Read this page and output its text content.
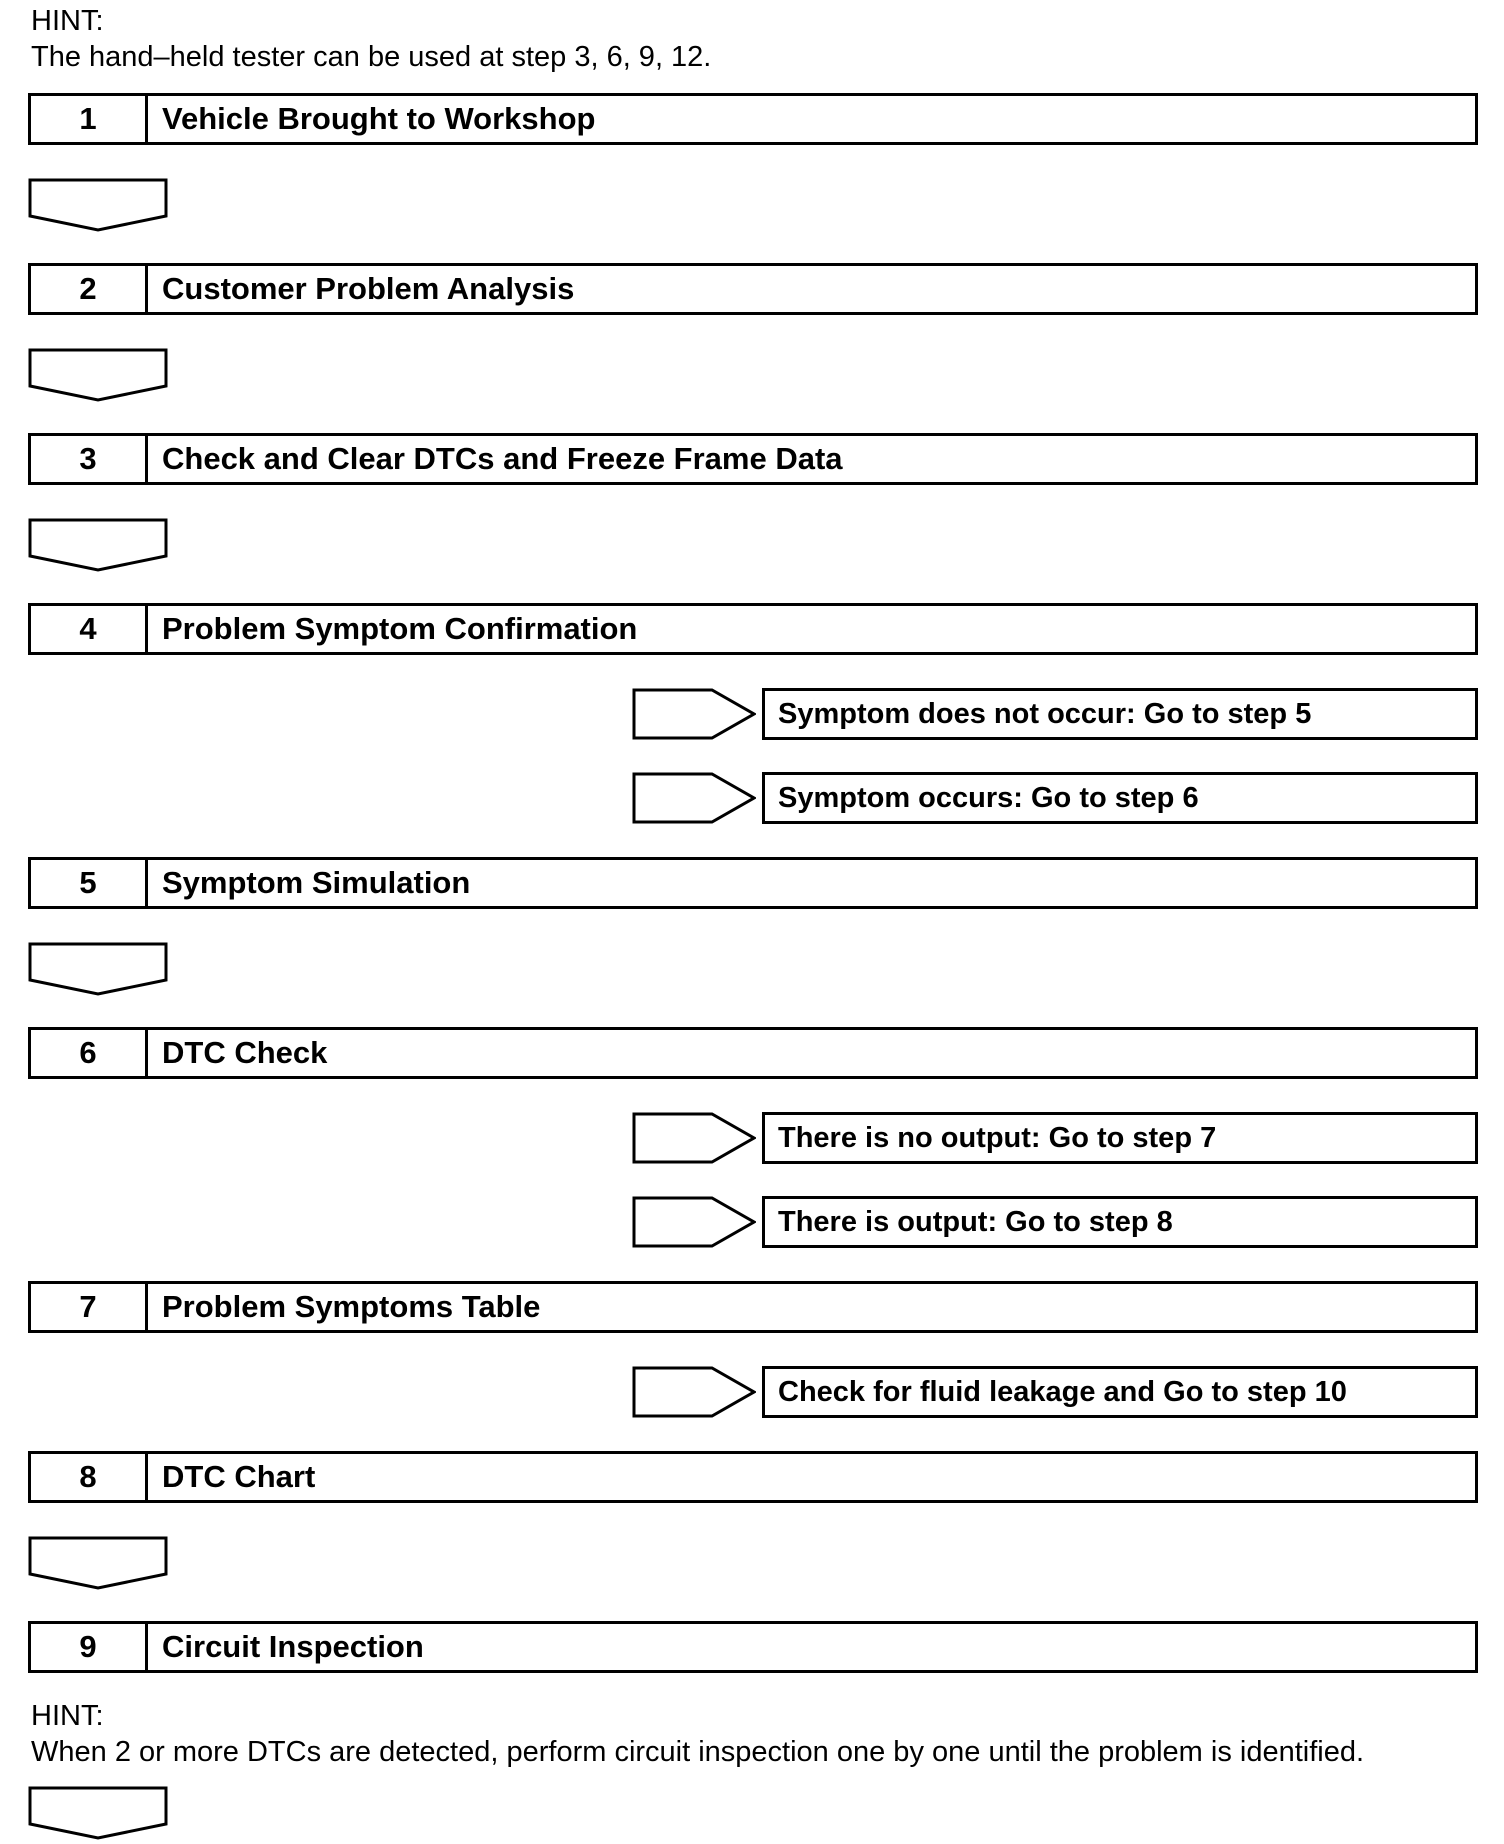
HINT:
The hand–held tester can be used at step 3, 6, 9, 12.
1	Vehicle Brought to Workshop
2	Customer Problem Analysis
3	Check and Clear DTCs and Freeze Frame Data
4	Problem Symptom Confirmation
Symptom does not occur: Go to step 5
Symptom occurs: Go to step 6
5	Symptom Simulation
6	DTC Check
There is no output: Go to step 7
There is output: Go to step 8
7	Problem Symptoms Table
Check for fluid leakage and Go to step 10
8	DTC Chart
9	Circuit Inspection
HINT:
When 2 or more DTCs are detected, perform circuit inspection one by one until the problem is identified.
